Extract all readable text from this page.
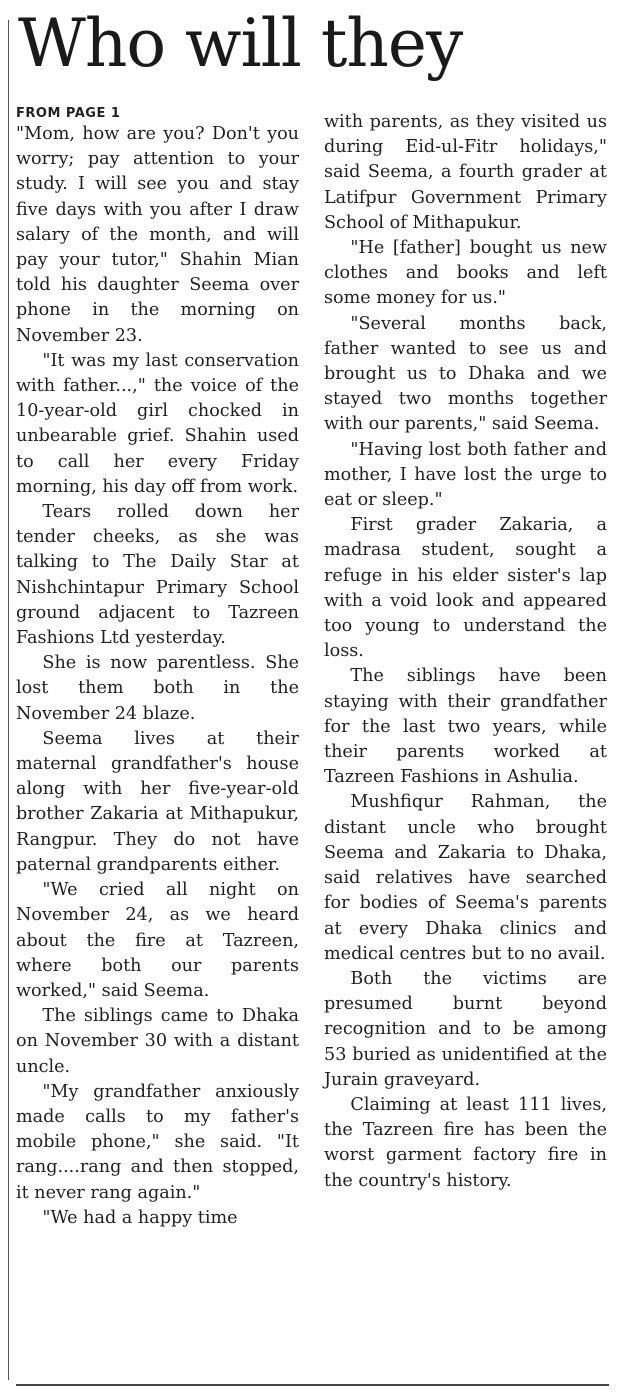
Who will they
FROM PAGE 1

"Mom, how are you? Don't you worry; pay attention to your study. I will see you and stay five days with you after I draw salary of the month, and will pay your tutor," Shahin Mian told his daughter Seema over phone in the morning on November 23.

"It was my last conservation with father...," the voice of the 10-year-old girl chocked in unbearable grief. Shahin used to call her every Friday morning, his day off from work.

Tears rolled down her tender cheeks, as she was talking to The Daily Star at Nishchintapur Primary School ground adjacent to Tazreen Fashions Ltd yesterday.

She is now parentless. She lost them both in the November 24 blaze.

Seema lives at their maternal grandfather's house along with her five-year-old brother Zakaria at Mithapukur, Rangpur. They do not have paternal grandparents either.

"We cried all night on November 24, as we heard about the fire at Tazreen, where both our parents worked," said Seema.

The siblings came to Dhaka on November 30 with a distant uncle.

"My grandfather anxiously made calls to my father's mobile phone," she said. "It rang....rang and then stopped, it never rang again."

"We had a happy time

with parents, as they visited us during Eid-ul-Fitr holidays," said Seema, a fourth grader at Latifpur Government Primary School of Mithapukur.

"He [father] bought us new clothes and books and left some money for us."

"Several months back, father wanted to see us and brought us to Dhaka and we stayed two months together with our parents," said Seema.

"Having lost both father and mother, I have lost the urge to eat or sleep."

First grader Zakaria, a madrasa student, sought a refuge in his elder sister's lap with a void look and appeared too young to understand the loss.

The siblings have been staying with their grandfather for the last two years, while their parents worked at Tazreen Fashions in Ashulia.

Mushfiqur Rahman, the distant uncle who brought Seema and Zakaria to Dhaka, said relatives have searched for bodies of Seema's parents at every Dhaka clinics and medical centres but to no avail.

Both the victims are presumed burnt beyond recognition and to be among 53 buried as unidentified at the Jurain graveyard.

Claiming at least 111 lives, the Tazreen fire has been the worst garment factory fire in the country's history.
